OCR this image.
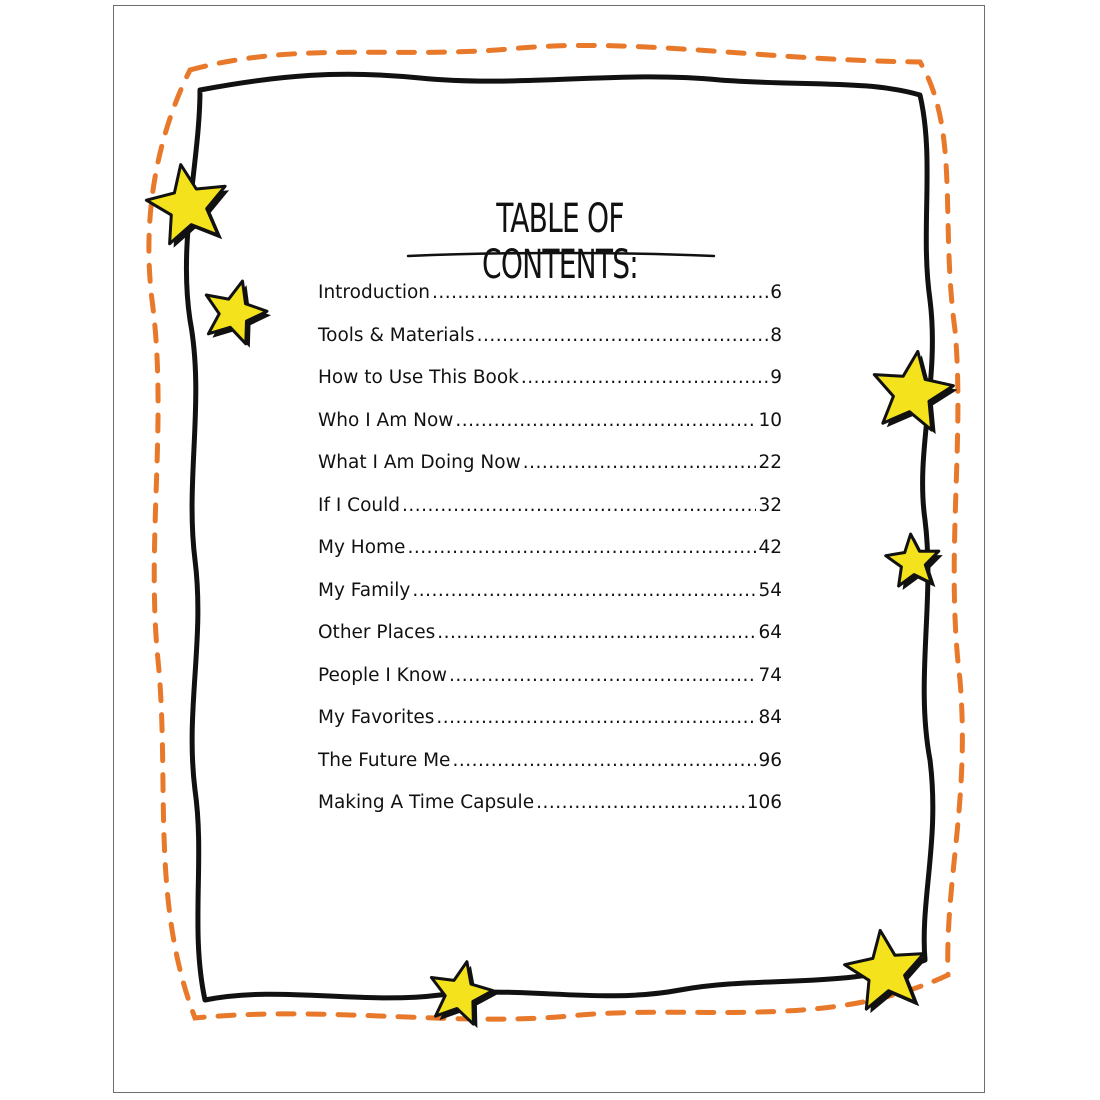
TABLE OF CONTENTS:
Introduction .....	6
Tools & Materials .....	8
How to Use This Book .....	9
Who I Am Now .....	10
What I Am Doing Now .....	22
If I Could .....	32
My Home .....	42
My Family .....	54
Other Places .....	64
People I Know .....	74
My Favorites .....	84
The Future Me .....	96
Making A Time Capsule .....	106
